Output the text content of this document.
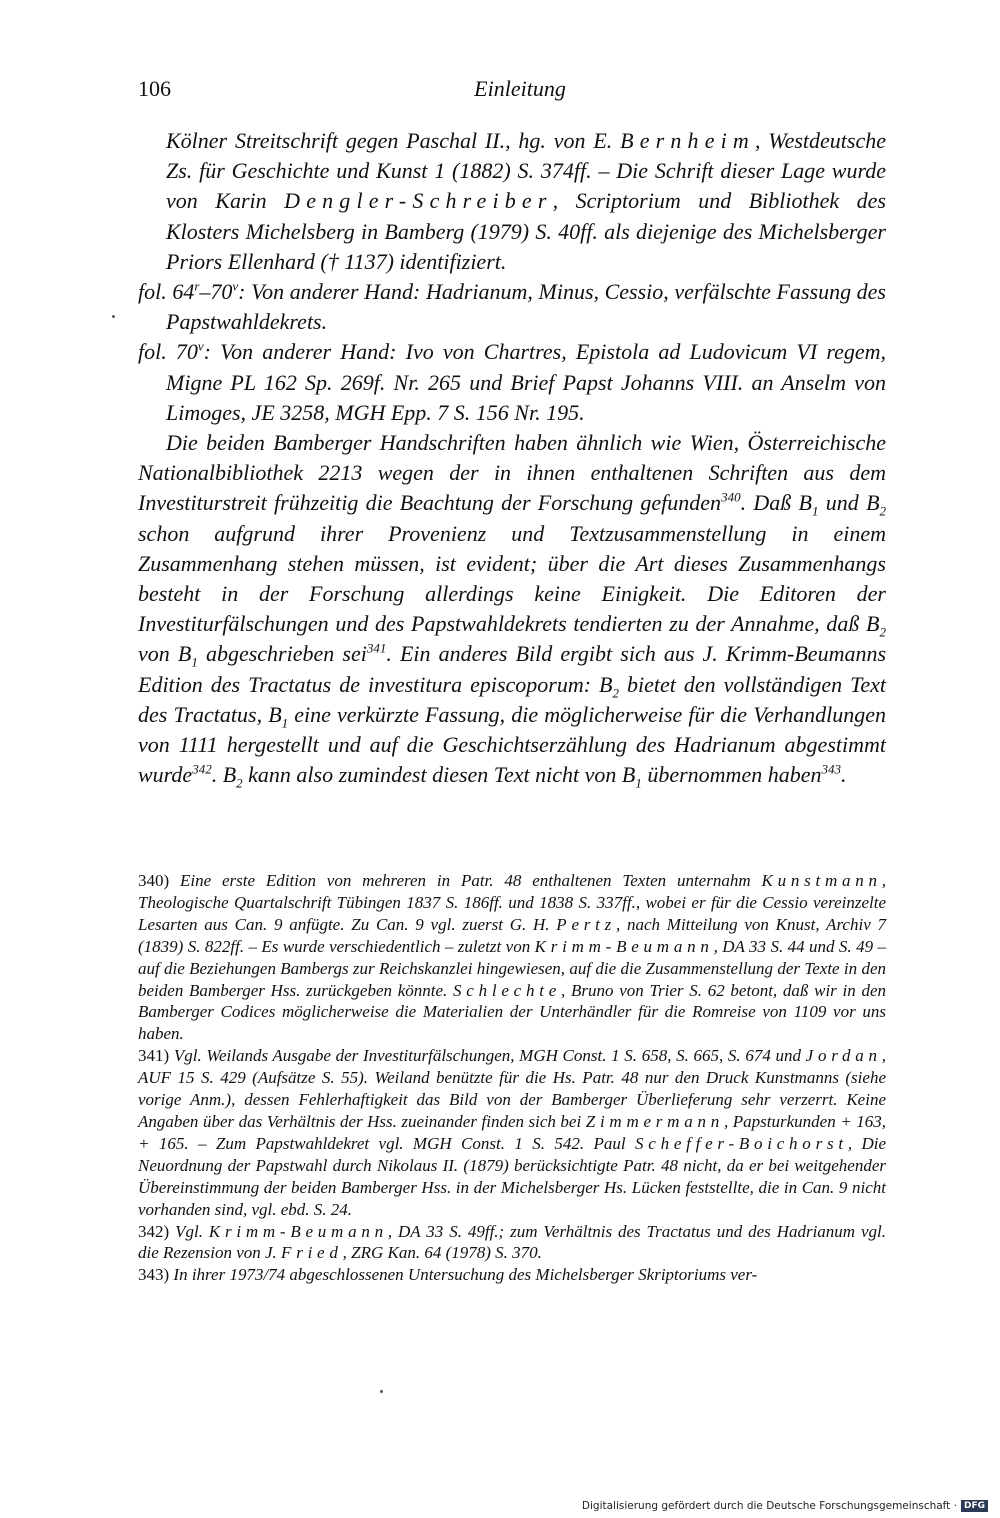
106	Einleitung

Kölner Streitschrift gegen Paschal II., hg. von E. Bernheim, Westdeutsche Zs. für Geschichte und Kunst 1 (1882) S. 374ff. – Die Schrift dieser Lage wurde von Karin Dengler-Schreiber, Scriptorium und Bibliothek des Klosters Michelsberg in Bamberg (1979) S. 40ff. als diejenige des Michelsberger Priors Ellenhard († 1137) identifiziert.

fol. 64$^r$–70$^v$: Von anderer Hand: Hadrianum, Minus, Cessio, verfälschte Fassung des Papstwahldekrets.

fol. 70$^v$: Von anderer Hand: Ivo von Chartres, Epistola ad Ludovicum VI regem, Migne PL 162 Sp. 269f. Nr. 265 und Brief Papst Johanns VIII. an Anselm von Limoges, JE 3258, MGH Epp. 7 S. 156 Nr. 195.

Die beiden Bamberger Handschriften haben ähnlich wie Wien, Österreichische Nationalbibliothek 2213 wegen der in ihnen enthaltenen Schriften aus dem Investiturstreit frühzeitig die Beachtung der Forschung gefunden$^{340}$. Daß $B_1$ und $B_2$ schon aufgrund ihrer Provenienz und Textzusammenstellung in einem Zusammenhang stehen müssen, ist evident; über die Art dieses Zusammenhangs besteht in der Forschung allerdings keine Einigkeit. Die Editoren der Investiturfälschungen und des Papstwahldekrets tendierten zu der Annahme, daß $B_2$ von $B_1$ abgeschrieben sei$^{341}$. Ein anderes Bild ergibt sich aus J. Krimm-Beumanns Edition des Tractatus de investitura episcoporum: $B_2$ bietet den vollständigen Text des Tractatus, $B_1$ eine verkürzte Fassung, die möglicherweise für die Verhandlungen von 1111 hergestellt und auf die Geschichtserzählung des Hadrianum abgestimmt wurde$^{342}$. $B_2$ kann also zumindest diesen Text nicht von $B_1$ übernommen haben$^{343}$.

340) Eine erste Edition von mehreren in Patr. 48 enthaltenen Texten unternahm Kunstmann, Theologische Quartalschrift Tübingen 1837 S. 186ff. und 1838 S. 337ff., wobei er für die Cessio vereinzelte Lesarten aus Can. 9 anfügte. Zu Can. 9 vgl. zuerst G. H. Pertz, nach Mitteilung von Knust, Archiv 7 (1839) S. 822ff. – Es wurde verschiedentlich – zuletzt von Krimm-Beumann, DA 33 S. 44 und S. 49 – auf die Beziehungen Bambergs zur Reichskanzlei hingewiesen, auf die die Zusammenstellung der Texte in den beiden Bamberger Hss. zurückgeben könnte. Schlechte, Bruno von Trier S. 62 betont, daß wir in den Bamberger Codices möglicherweise die Materialien der Unterhändler für die Romreise von 1109 vor uns haben.

341) Vgl. Weilands Ausgabe der Investiturfälschungen, MGH Const. 1 S. 658, S. 665, S. 674 und Jordan, AUF 15 S. 429 (Aufsätze S. 55). Weiland benützte für die Hs. Patr. 48 nur den Druck Kunstmanns (siehe vorige Anm.), dessen Fehlerhaftigkeit das Bild von der Bamberger Überlieferung sehr verzerrt. Keine Angaben über das Verhältnis der Hss. zueinander finden sich bei Zimmermann, Papsturkunden + 163, + 165. – Zum Papstwahldekret vgl. MGH Const. 1 S. 542. Paul Scheffer-Boichorst, Die Neuordnung der Papstwahl durch Nikolaus II. (1879) berücksichtigte Patr. 48 nicht, da er bei weitgehender Übereinstimmung der beiden Bamberger Hss. in der Michelsberger Hs. Lücken feststellte, die in Can. 9 nicht vorhanden sind, vgl. ebd. S. 24.

342) Vgl. Krimm-Beumann, DA 33 S. 49ff.; zum Verhältnis des Tractatus und des Hadrianum vgl. die Rezension von J. Fried, ZRG Kan. 64 (1978) S. 370.

343) In ihrer 1973/74 abgeschlossenen Untersuchung des Michelsberger Skriptoriums ver-

Digitalisierung gefördert durch die Deutsche Forschungsgemeinschaft · DFG
